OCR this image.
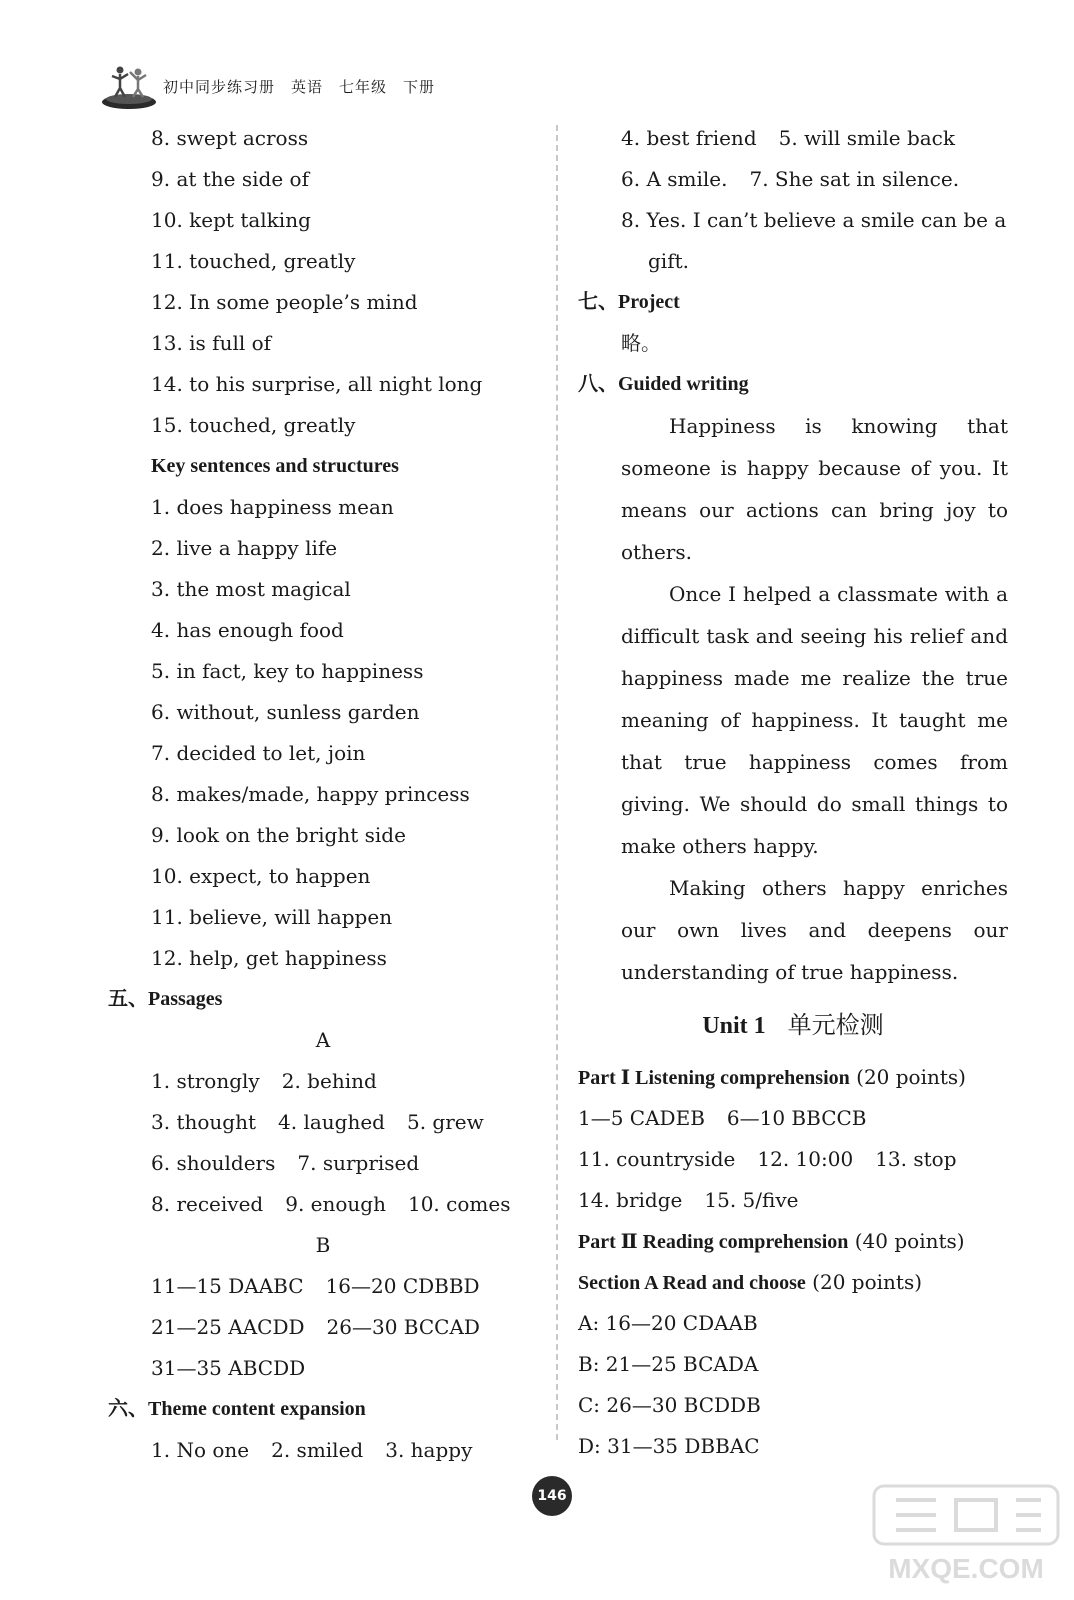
初中同步练习册 英语 七年级 下册
8. swept across
9. at the side of
10. kept talking
11. touched, greatly
12. In some people’s mind
13. is full of
14. to his surprise, all night long
15. touched, greatly
Key sentences and structures
1. does happiness mean
2. live a happy life
3. the most magical
4. has enough food
5. in fact, key to happiness
6. without, sunless garden
7. decided to let, join
8. makes/made, happy princess
9. look on the bright side
10. expect, to happen
11. believe, will happen
12. help, get happiness
五、Passages
A
1. strongly 2. behind
3. thought 4. laughed 5. grew
6. shoulders 7. surprised
8. received 9. enough 10. comes
B
11—15 DAABC 16—20 CDBBD
21—25 AACDD 26—30 BCCAD
31—35 ABCDD
六、Theme content expansion
1. No one 2. smiled 3. happy
4. best friend 5. will smile back
6. A smile. 7. She sat in silence.
8. Yes. I can’t believe a smile can be a
gift.
七、Project
略。
八、Guided writing
Happiness is knowing that someone is happy because of you. It means our actions can bring joy to others.
Once I helped a classmate with a difficult task and seeing his relief and happiness made me realize the true meaning of happiness. It taught me that true happiness comes from giving. We should do small things to make others happy.
Making others happy enriches our own lives and deepens our understanding of true happiness.
Unit 1 单元检测
Part Ⅰ Listening comprehension (20 points)
1—5 CADEB 6—10 BBCCB
11. countryside 12. 10:00 13. stop
14. bridge 15. 5/five
Part Ⅱ Reading comprehension (40 points)
Section A Read and choose (20 points)
A: 16—20 CDAAB
B: 21—25 BCADA
C: 26—30 BCDDB
D: 31—35 DBBAC
146
MXQE.COM
